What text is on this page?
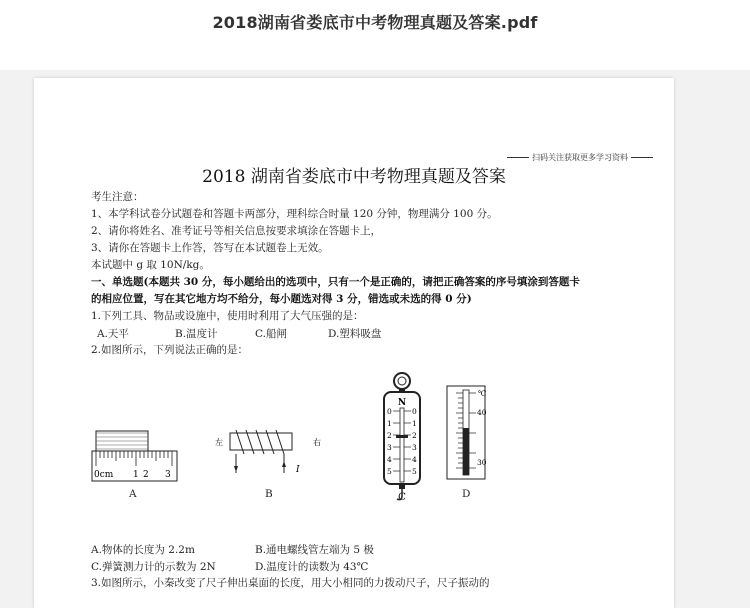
2018湖南省娄底市中考物理真题及答案.pdf
扫码关注获取更多学习资料
2018 湖南省娄底市中考物理真题及答案
考生注意：
1、本学科试卷分试题卷和答题卡两部分，理科综合时量 120 分钟，物理满分 100 分。
2、请你将姓名、准考证号等相关信息按要求填涂在答题卡上，
3、请你在答题卡上作答，答写在本试题卷上无效。
本试题中 g 取 10N/kg。
一、单选题(本题共 30 分，每小题给出的选项中，只有一个是正确的，请把正确答案的序号填涂到答题卡
的相应位置，写在其它地方均不给分，每小题选对得 3 分，错选或未选的得 0 分)
1.下列工具、物品或设施中，使用时利用了大气压强的是：
A.天平	B.温度计	C.船闸	D.塑料吸盘
2.如图所示，下列说法正确的是：
0cm 1 2 3
左	右
I
N
0
1
2
3
4
5
0
1
2
3
4
5
℃
40
30
A	B	C	D
A.物体的长度为 2.2m	B.通电螺线管左端为 5 极
C.弹簧测力计的示数为 2N	D.温度计的读数为 43℃
3.如图所示，小秦改变了尺子伸出桌面的长度，用大小相同的力拨动尺子，尺子振动的
